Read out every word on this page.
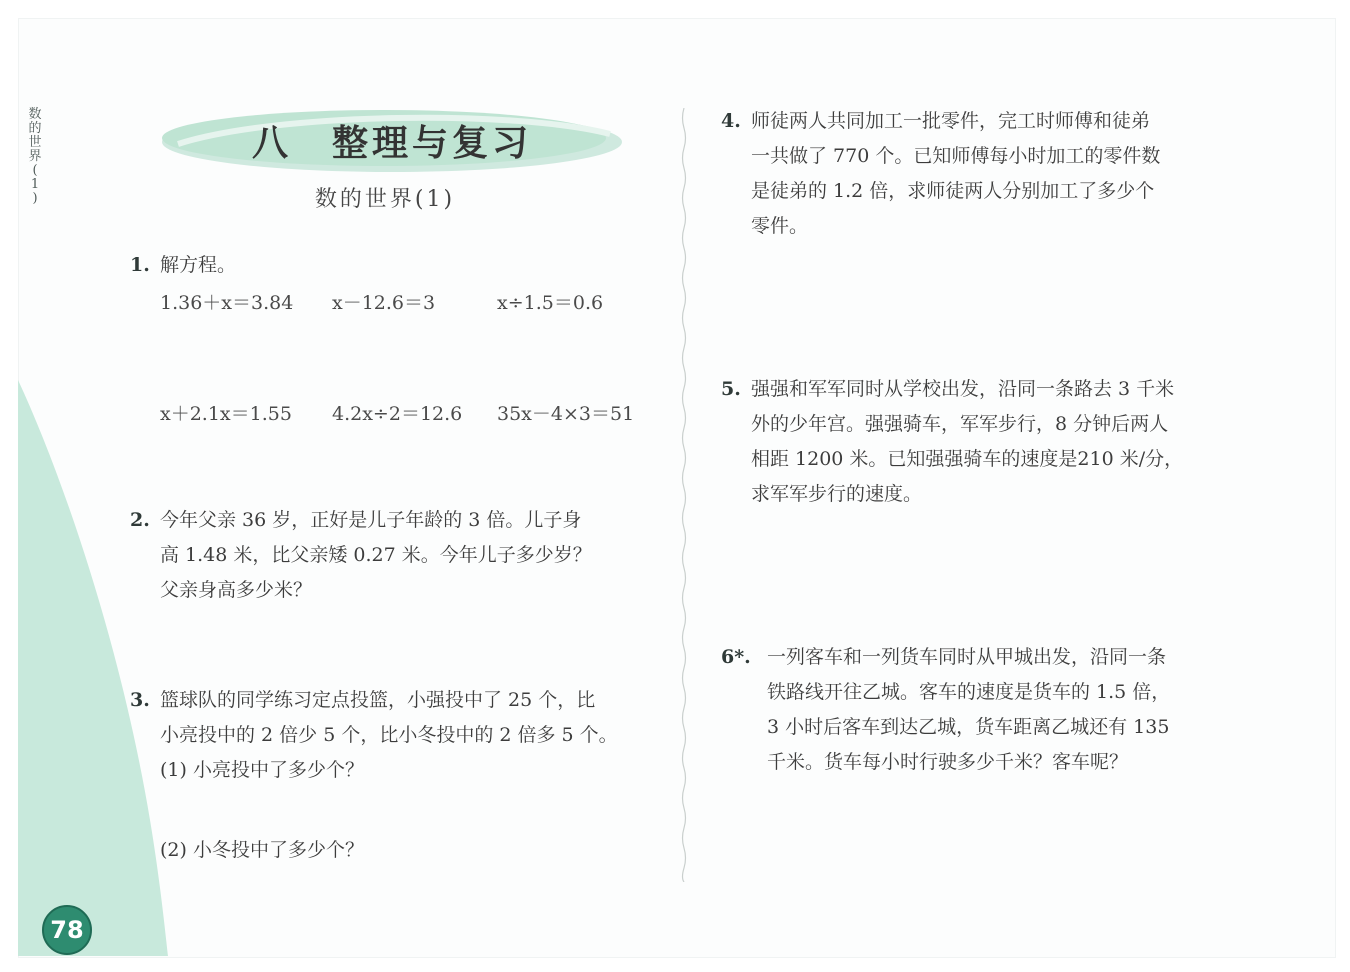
数
的
世
界
(
1
)
八 整理与复习
数的世界(1)
1. 解方程。
1.36＋x＝3.84 x－12.6＝3	x÷1.5＝0.6
x＋2.1x＝1.55 4.2x÷2＝12.6 35x－4×3＝51
2. 今年父亲 36 岁，正好是儿子年龄的 3 倍。儿子身
高 1.48 米，比父亲矮 0.27 米。今年儿子多少岁？
父亲身高多少米？
3. 篮球队的同学练习定点投篮，小强投中了 25 个，比
小亮投中的 2 倍少 5 个，比小冬投中的 2 倍多 5 个。
(1) 小亮投中了多少个？
(2) 小冬投中了多少个？
4. 师徒两人共同加工一批零件，完工时师傅和徒弟
一共做了 770 个。已知师傅每小时加工的零件数
是徒弟的 1.2 倍，求师徒两人分别加工了多少个
零件。
5. 强强和军军同时从学校出发，沿同一条路去 3 千米
外的少年宫。强强骑车，军军步行，8 分钟后两人
相距 1200 米。已知强强骑车的速度是210 米/分，
求军军步行的速度。
6*. 一列客车和一列货车同时从甲城出发，沿同一条
铁路线开往乙城。客车的速度是货车的 1.5 倍，
3 小时后客车到达乙城，货车距离乙城还有 135
千米。货车每小时行驶多少千米？客车呢？
78
